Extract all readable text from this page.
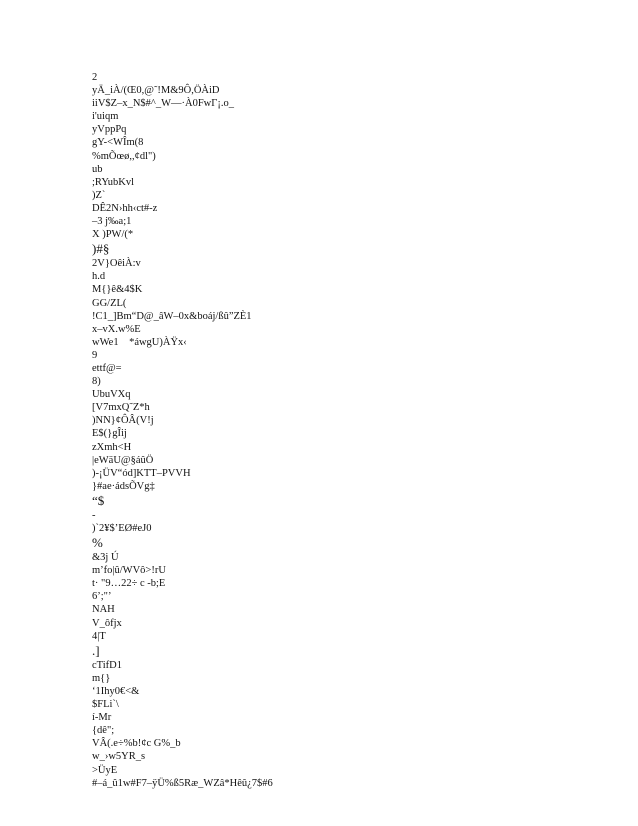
2
yÄ_iÀ/(Œ0,@˜!M&9Ô,ÖÀiD
iiV$Z–x_N$#^_W—·À0FwΓ¡.o_
i'uiqm
yVppPq
gY-<WÎm(8
%mÕœø,,¢dl")
ub
;RYubKvl
)Z`
DÊ2N›hh‹ct#-z
–3 j‰a;1
X )PW/(*
)#§
2V}OêiÀ:v
h.d
M{}ê&4$K
GG/ZL(
!C1_]Bm“D@_âW–0x&boáj/ßû”ZÈ1
x–vX.w%E
wWe1    *áwgU)ÀŸx‹
9
ettf@=
8)
UbuVXq
[V7mxQ˜Z*h
)NN}¢ÔÂ(V!j
E$(}gÎij
zXmh<H
|eWäU@§áûÖ
)-¡ÜV“ód]KTT–PVVH
}#ae·ádsÕVg‡
“$
-
)`2¥$’EØ#eJ0
%
&3j Ú
m’fo|û/WVô>!rU
t· "9…22÷ c -b;E
6’;"’
NAH
V_ôfjx
4|T
.]
cTifD1
m{}
‘1Ihy0€<&
$FLi`\
í-Mr
{dê";
VÂ(.e÷%b!¢c G%_b
w_›w5YR_s
>ÜyE
#–á_û1w#F7–ÿÜ%ß5Ræ_WZâ*Hêû¿7$#6
